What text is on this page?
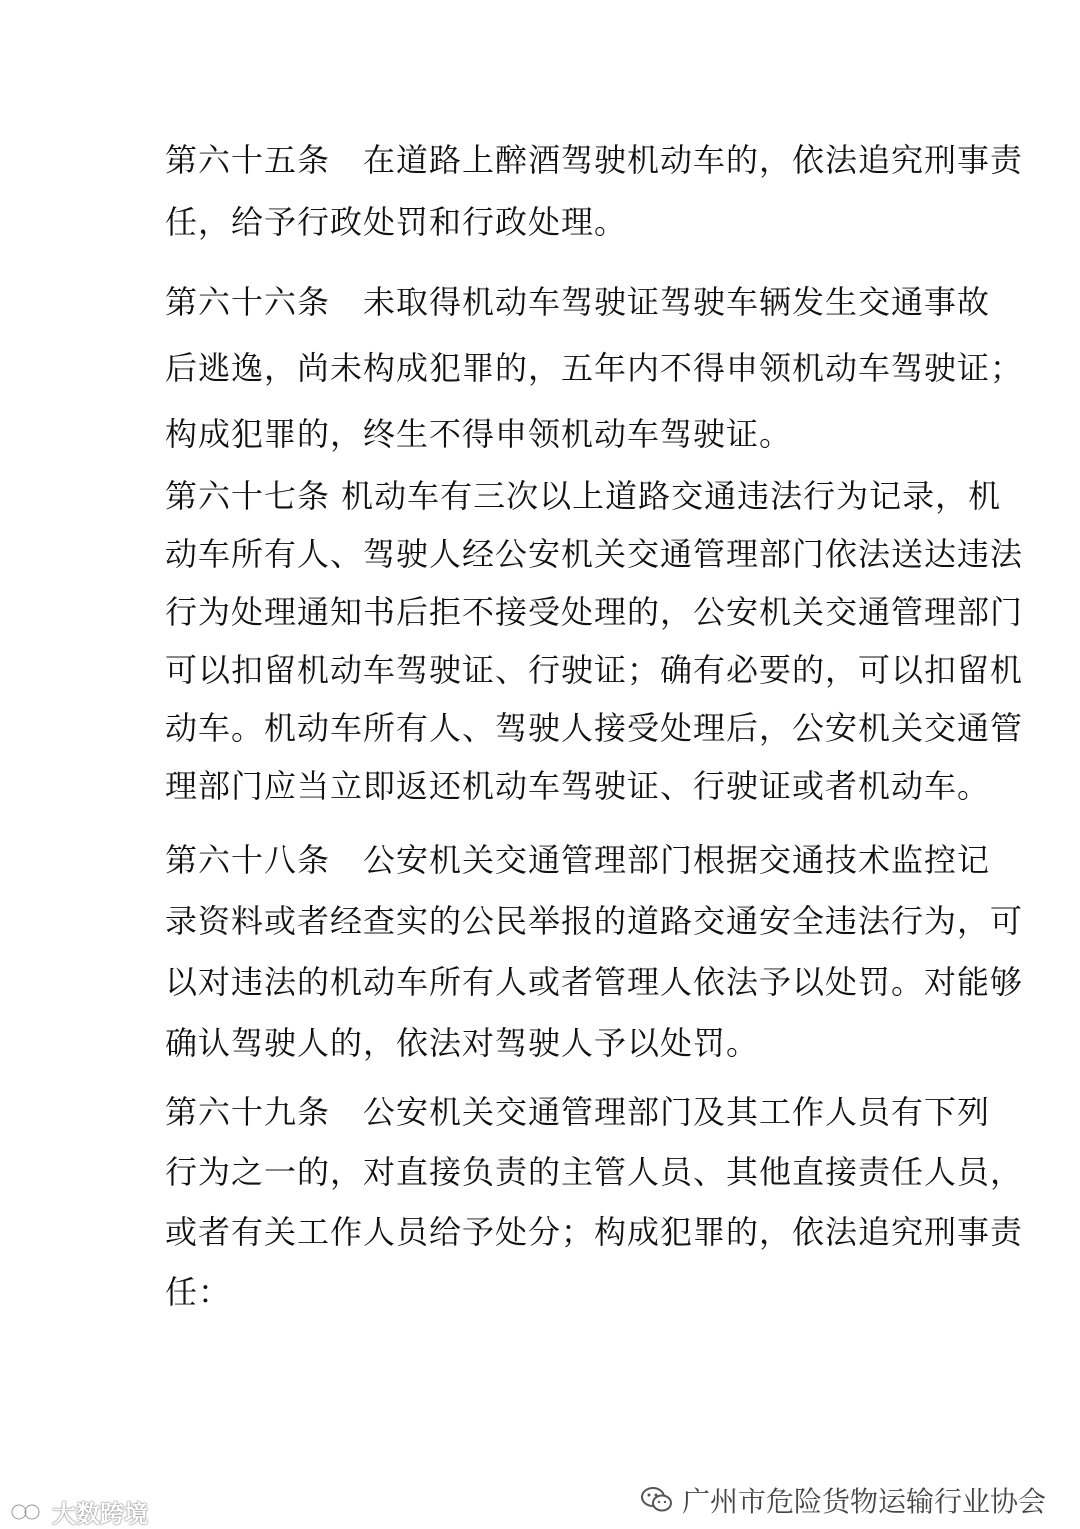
第六十五条　在道路上醉酒驾驶机动车的，依法追究刑事责
任，给予行政处罚和行政处理。
第六十六条　未取得机动车驾驶证驾驶车辆发生交通事故
后逃逸，尚未构成犯罪的，五年内不得申领机动车驾驶证；
构成犯罪的，终生不得申领机动车驾驶证。
第六十七条 机动车有三次以上道路交通违法行为记录，机
动车所有人、驾驶人经公安机关交通管理部门依法送达违法
行为处理通知书后拒不接受处理的，公安机关交通管理部门
可以扣留机动车驾驶证、行驶证；确有必要的，可以扣留机
动车。机动车所有人、驾驶人接受处理后，公安机关交通管
理部门应当立即返还机动车驾驶证、行驶证或者机动车。
第六十八条　公安机关交通管理部门根据交通技术监控记
录资料或者经查实的公民举报的道路交通安全违法行为，可
以对违法的机动车所有人或者管理人依法予以处罚。对能够
确认驾驶人的，依法对驾驶人予以处罚。
第六十九条　公安机关交通管理部门及其工作人员有下列
行为之一的，对直接负责的主管人员、其他直接责任人员，
或者有关工作人员给予处分；构成犯罪的，依法追究刑事责
任：
广州市危险货物运输行业协会
大数跨境
